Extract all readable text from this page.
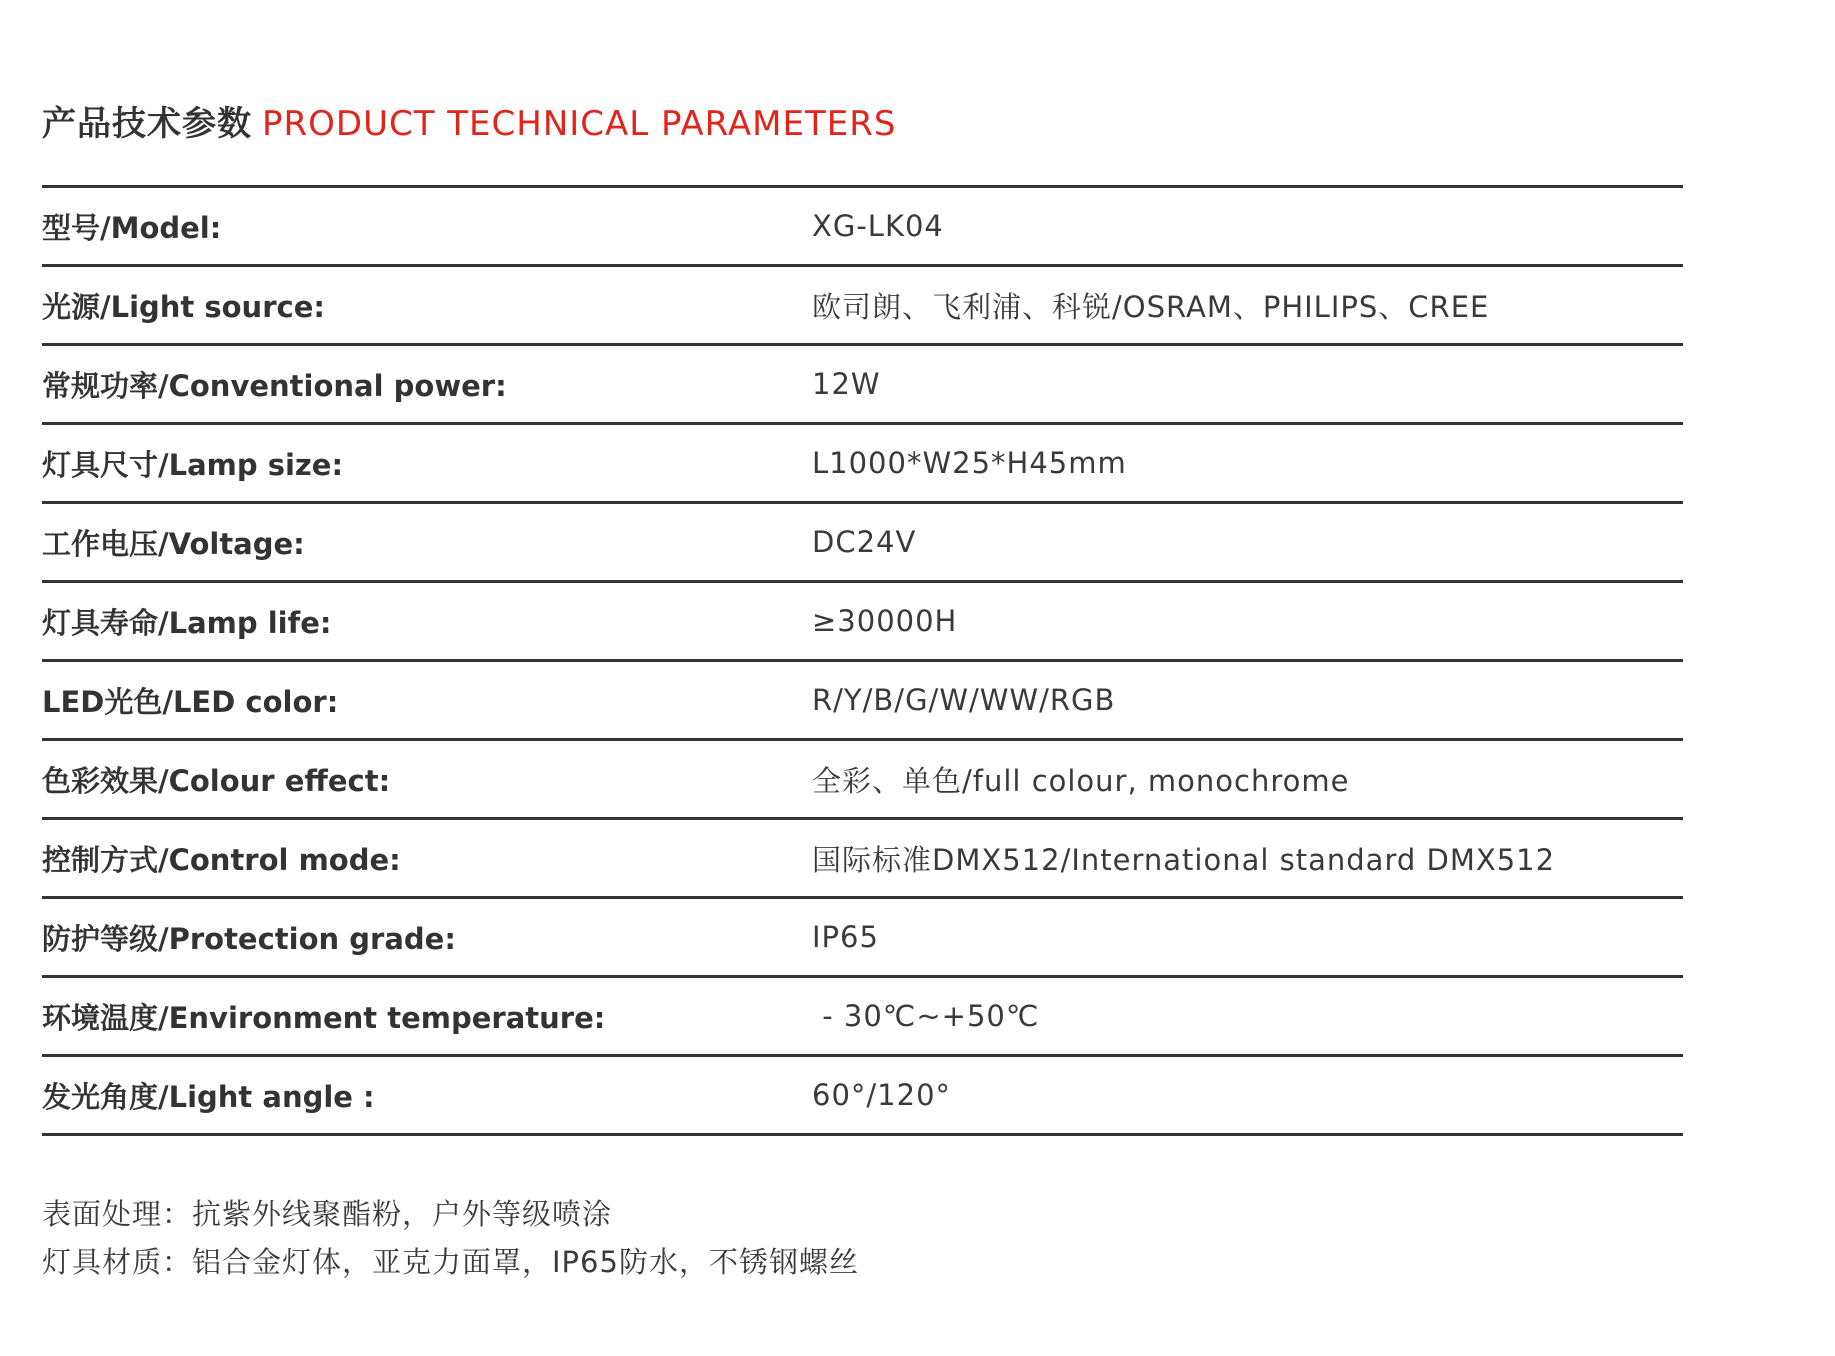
产品技术参数 PRODUCT TECHNICAL PARAMETERS
型号/Model:	XG-LK04
光源/Light source:	欧司朗、飞利浦、科锐/OSRAM、PHILIPS、CREE
常规功率/Conventional power:	12W
灯具尺寸/Lamp size:	L1000*W25*H45mm
工作电压/Voltage:	DC24V
灯具寿命/Lamp life:	≥30000H
LED光色/LED color:	R/Y/B/G/W/WW/RGB
色彩效果/Colour effect:	全彩、单色/full colour, monochrome
控制方式/Control mode:	国际标准DMX512/International standard DMX512
防护等级/Protection grade:	IP65
环境温度/Environment temperature:	- 30℃~+50℃
发光角度/Light angle :	60°/120°
表面处理：抗紫外线聚酯粉，户外等级喷涂
灯具材质：铝合金灯体，亚克力面罩，IP65防水，不锈钢螺丝
